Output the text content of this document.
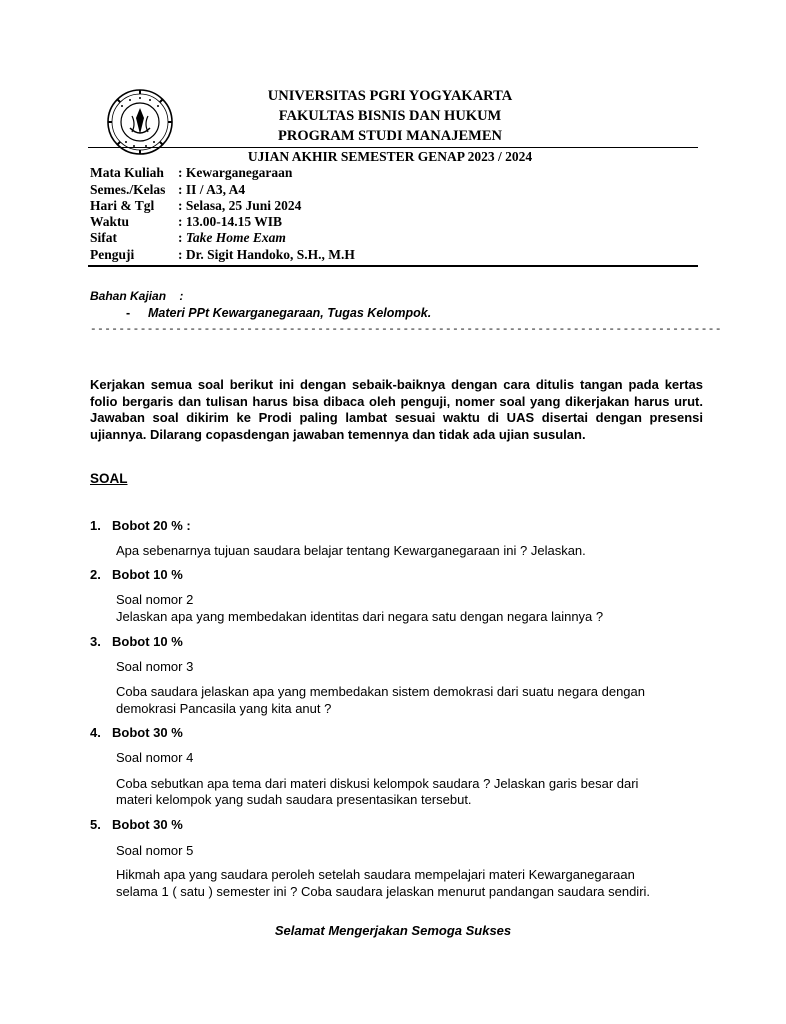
UNIVERSITAS PGRI YOGYAKARTA
FAKULTAS BISNIS DAN HUKUM
PROGRAM STUDI MANAJEMEN
UJIAN AKHIR SEMESTER GENAP 2023 / 2024
Mata Kuliah : Kewarganegaraan
Semes./Kelas : II / A3, A4
Hari & Tgl : Selasa, 25 Juni 2024
Waktu	: 13.00-14.15 WIB
Sifat	: Take Home Exam
Penguji	: Dr. Sigit Handoko, S.H., M.H
Bahan Kajian    :
- Materi PPt Kewarganegaraan, Tugas Kelompok.
-----------------------------------------------------------------------------------------
Kerjakan semua soal berikut ini dengan sebaik-baiknya dengan cara ditulis tangan pada kertas folio bergaris dan tulisan harus bisa dibaca oleh penguji, nomer soal yang dikerjakan harus urut. Jawaban soal dikirim ke Prodi paling lambat sesuai waktu di UAS disertai dengan presensi ujiannya. Dilarang copasdengan jawaban temennya dan tidak ada ujian susulan.
SOAL
1. Bobot 20 % :
Apa sebenarnya tujuan saudara belajar tentang Kewarganegaraan ini ? Jelaskan.
2. Bobot 10 %
Soal nomor 2
Jelaskan apa yang membedakan identitas dari negara satu dengan negara lainnya ?
3. Bobot 10 %
Soal nomor 3
Coba saudara jelaskan apa yang membedakan sistem demokrasi dari suatu negara dengan
demokrasi Pancasila yang kita anut ?
4. Bobot 30 %
Soal nomor 4
Coba sebutkan apa tema dari materi diskusi kelompok saudara ? Jelaskan garis besar dari
materi kelompok yang sudah saudara presentasikan tersebut.
5. Bobot 30 %
Soal nomor 5
Hikmah apa yang saudara peroleh setelah saudara mempelajari materi Kewarganegaraan
selama 1 ( satu ) semester ini ? Coba saudara jelaskan menurut pandangan saudara sendiri.
Selamat Mengerjakan Semoga Sukses
